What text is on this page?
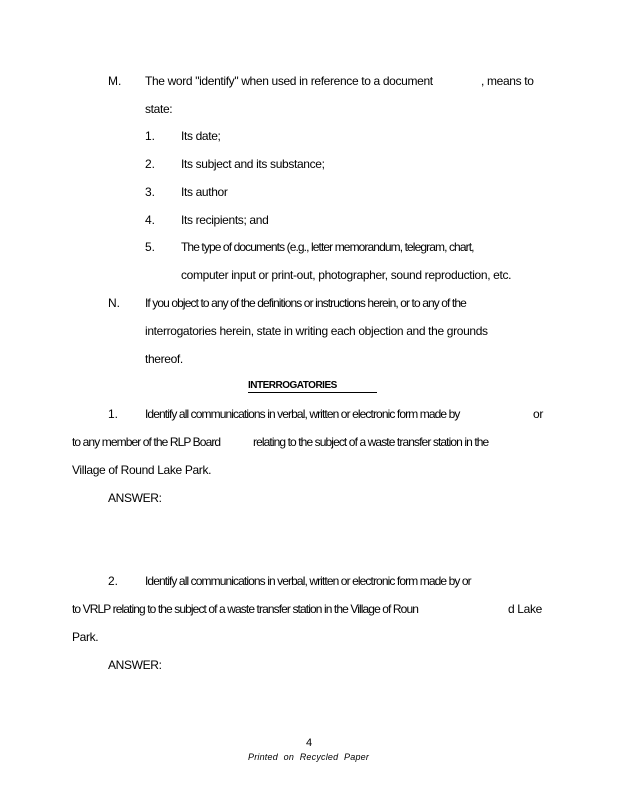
M. The word "identify" when used in reference to a document	, means to
state:
1. Its date;
2. Its subject and its substance;
3. Its author
4. Its recipients; and
5. The type of documents (e.g., letter memorandum, telegram, chart,
computer input or print-out, photographer, sound reproduction, etc.
N. If you object to any of the definitions or instructions herein, or to any of the
interrogatories herein, state in writing each objection and the grounds
thereof.
INTERROGATORIES
1. Identify all communications in verbal, written or electronic form made by	or
to any member of the RLP Board	relating to the subject of a waste transfer station in the
Village of Round Lake Park.
ANSWER:
2. Identify all communications in verbal, written or electronic form made by or
to VRLP relating to the subject of a waste transfer station in the Village of Roun	d Lake
Park.
ANSWER:
4
Printed on Recycled Paper
